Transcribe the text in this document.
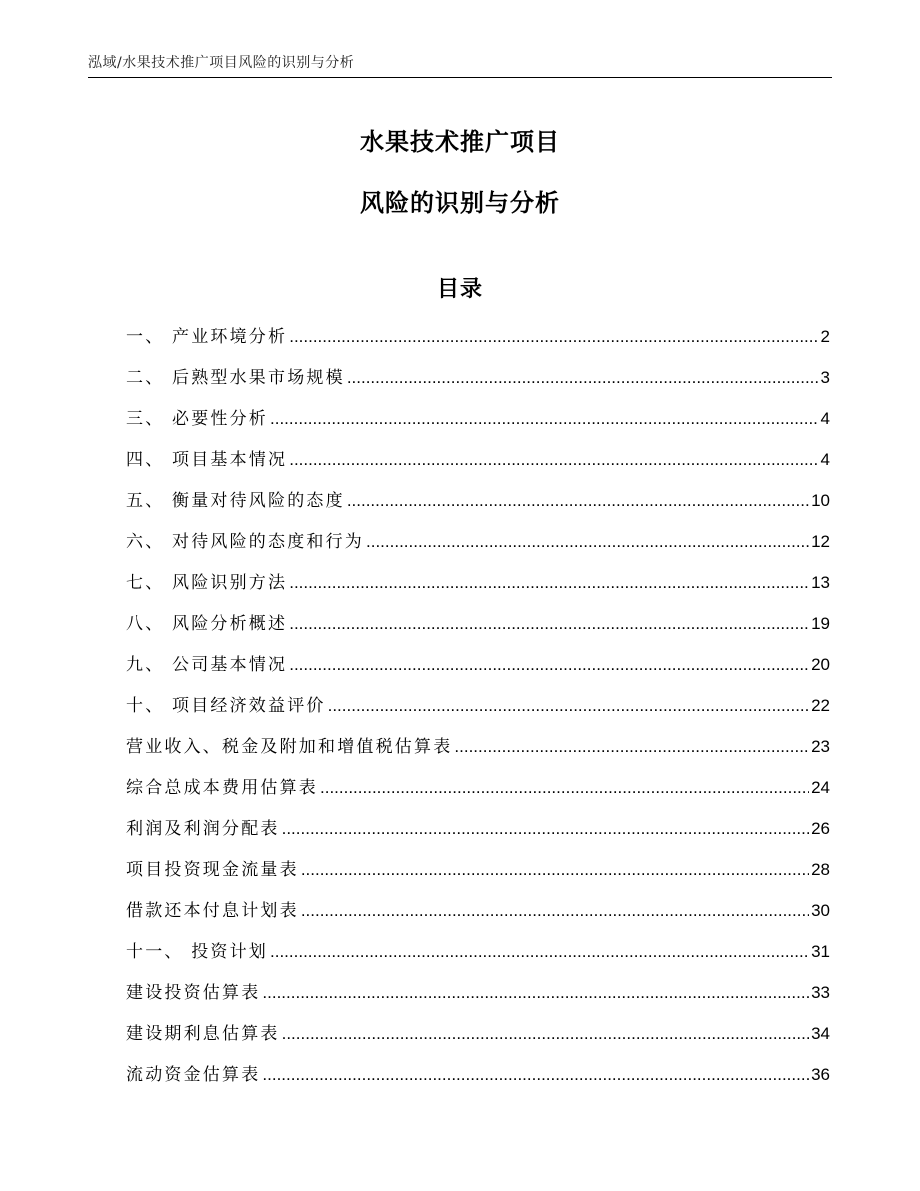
泓域/水果技术推广项目风险的识别与分析
水果技术推广项目
风险的识别与分析
目录
一、 产业环境分析 .....	2
二、 后熟型水果市场规模 .....	3
三、 必要性分析 .....	4
四、 项目基本情况 .....	4
五、 衡量对待风险的态度 .....	10
六、 对待风险的态度和行为 .....	12
七、 风险识别方法 .....	13
八、 风险分析概述 .....	19
九、 公司基本情况 .....	20
十、 项目经济效益评价 .....	22
营业收入、税金及附加和增值税估算表 .....	23
综合总成本费用估算表 .....	24
利润及利润分配表 .....	26
项目投资现金流量表 .....	28
借款还本付息计划表 .....	30
十一、 投资计划 .....	31
建设投资估算表 .....	33
建设期利息估算表 .....	34
流动资金估算表 .....	36
